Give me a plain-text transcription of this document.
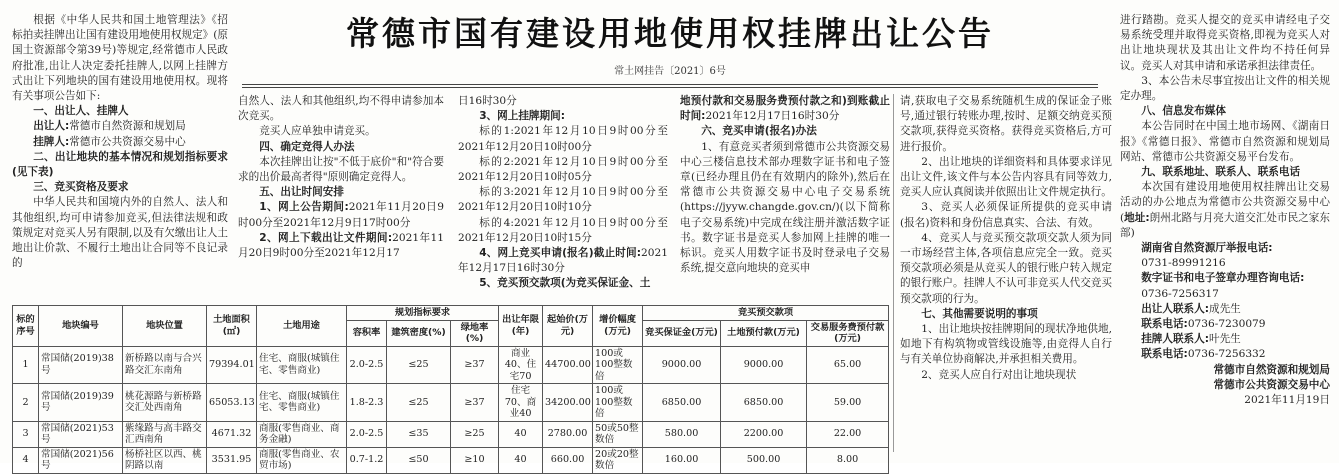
常德市国有建设用地使用权挂牌出让公告
常土网挂告〔2021〕6号

根据《中华人民共和国土地管理法》《招标拍卖挂牌出让国有建设用地使用权规定》(原国土资源部令第39号)等规定,经常德市人民政府批准,出让人决定委托挂牌人,以网上挂牌方式出让下列地块的国有建设用地使用权。现将有关事项公告如下:

一、出让人、挂牌人

出让人:常德市自然资源和规划局

挂牌人:常德市公共资源交易中心

二、出让地块的基本情况和规划指标要求(见下表)

三、竞买资格及要求

中华人民共和国境内外的自然人、法人和其他组织,均可申请参加竞买,但法律法规和政策规定对竞买人另有限制,以及有欠缴出让人土地出让价款、不履行土地出让合同等不良记录的

自然人、法人和其他组织,均不得申请参加本次竞买。

竞买人应单独申请竞买。

四、确定竞得人办法

本次挂牌出让按"不低于底价"和"符合要求的出价最高者得"原则确定竞得人。

五、出让时间安排

1、网上公告期间:2021年11月20日9时00分至2021年12月9日17时00分

2、网上下载出让文件期间:2021年11月20日9时00分至2021年12月17

日16时30分

3、网上挂牌期间:

标的1:2021年12月10日9时00分至2021年12月20日10时00分

标的2:2021年12月10日9时00分至2021年12月20日10时05分

标的3:2021年12月10日9时00分至2021年12月20日10时10分

标的4:2021年12月10日9时00分至2021年12月20日10时15分

4、网上竞买申请(报名)截止时间:2021年12月17日16时30分

5、竞买预交款项(为竞买保证金、土

地预付款和交易服务费预付款之和)到账截止时间:2021年12月17日16时30分

六、竞买申请(报名)办法

1、有意竞买者须到常德市公共资源交易中心三楼信息技术部办理数字证书和电子签章(已经办理且仍在有效期内的除外),然后在常德市公共资源交易中心电子交易系统(https://jyyw.changde.gov.cn/)(以下简称电子交易系统)中完成在线注册并激活数字证书。数字证书是竞买人参加网上挂牌的唯一标识。竞买人用数字证书及时登录电子交易系统,提交意向地块的竞买申

请,获取电子交易系统随机生成的保证金子账号,通过银行转账办理,按时、足额交纳竞买预交款项,获得竞买资格。获得竞买资格后,方可进行报价。

2、出让地块的详细资料和具体要求详见出让文件,该文件与本公告内容具有同等效力,竞买人应认真阅读并依照出让文件规定执行。

3、竞买人必须保证所提供的竞买申请(报名)资料和身份信息真实、合法、有效。

4、竞买人与竞买预交款项交款人须为同一市场经营主体,各项信息应完全一致。竞买预交款项必须是从竞买人的银行账户转入规定的银行账户。挂牌人不认可非竞买人代交竞买预交款项的行为。

七、其他需要说明的事项

1、出让地块按挂牌期间的现状净地供地,如地下有构筑物或管线设施等,由竞得人自行与有关单位协商解决,并承担相关费用。

2、竞买人应自行对出让地块现状

进行踏勘。竞买人提交的竞买申请经电子交易系统受理并取得竞买资格,即视为竞买人对出让地块现状及其出让文件均不持任何异议。竞买人对其申请和承诺承担法律责任。

3、本公告未尽事宜按出让文件的相关规定办理。

八、信息发布媒体

本公告同时在中国土地市场网、《湖南日报》《常德日报》、常德市自然资源和规划局网站、常德市公共资源交易平台发布。

九、联系地址、联系人、联系电话

本次国有建设用地使用权挂牌出让交易活动的办公地点为常德市公共资源交易中心(地址:朗州北路与月亮大道交汇处市民之家东部)

湖南省自然资源厅举报电话:

0731-89991216

数字证书和电子签章办理咨询电话:

0736-7256317

出让人联系人:成先生

联系电话:0736-7230079

挂牌人联系人:叶先生

联系电话:0736-7256332

常德市自然资源和规划局

常德市公共资源交易中心

2021年11月19日

标的序号	地块编号	地块位置	土地面积(㎡)	土地用途	规划指标要求			出让年限(年)	起始价(万元)	增价幅度(万元)	竞买预交款项		
					容积率	建筑密度(%)	绿地率(%)				竞买保证金(万元)	土地预付款(万元)	交易服务费预付款(万元)
1	常国储(2019)38号	新桥路以南与合兴路交汇东南角	79394.01	住宅、商服(城镇住宅、零售商业)	2.0-2.5	≤25	≥37	商业40、住宅70	44700.00	100或100整数倍	9000.00	9000.00	65.00
2	常国储(2019)39号	桃花源路与新桥路交汇处西南角	65053.13	住宅、商服(城镇住宅、零售商业)	1.8-2.3	≤25	≥37	住宅70、商业40	34200.00	100或100整数倍	6850.00	6850.00	59.00
3	常国储(2021)53号	紫缘路与高丰路交汇西南角	4671.32	商服(零售商业、商务金融)	2.0-2.5	≤35	≥25	40	2780.00	50或50整数倍	580.00	2200.00	22.00
4	常国储(2021)56号	杨桥社区以西、桃阴路以南	3531.95	商服(零售商业、农贸市场)	0.7-1.2	≤50	≥10	40	660.00	20或20整数倍	160.00	500.00	8.00
